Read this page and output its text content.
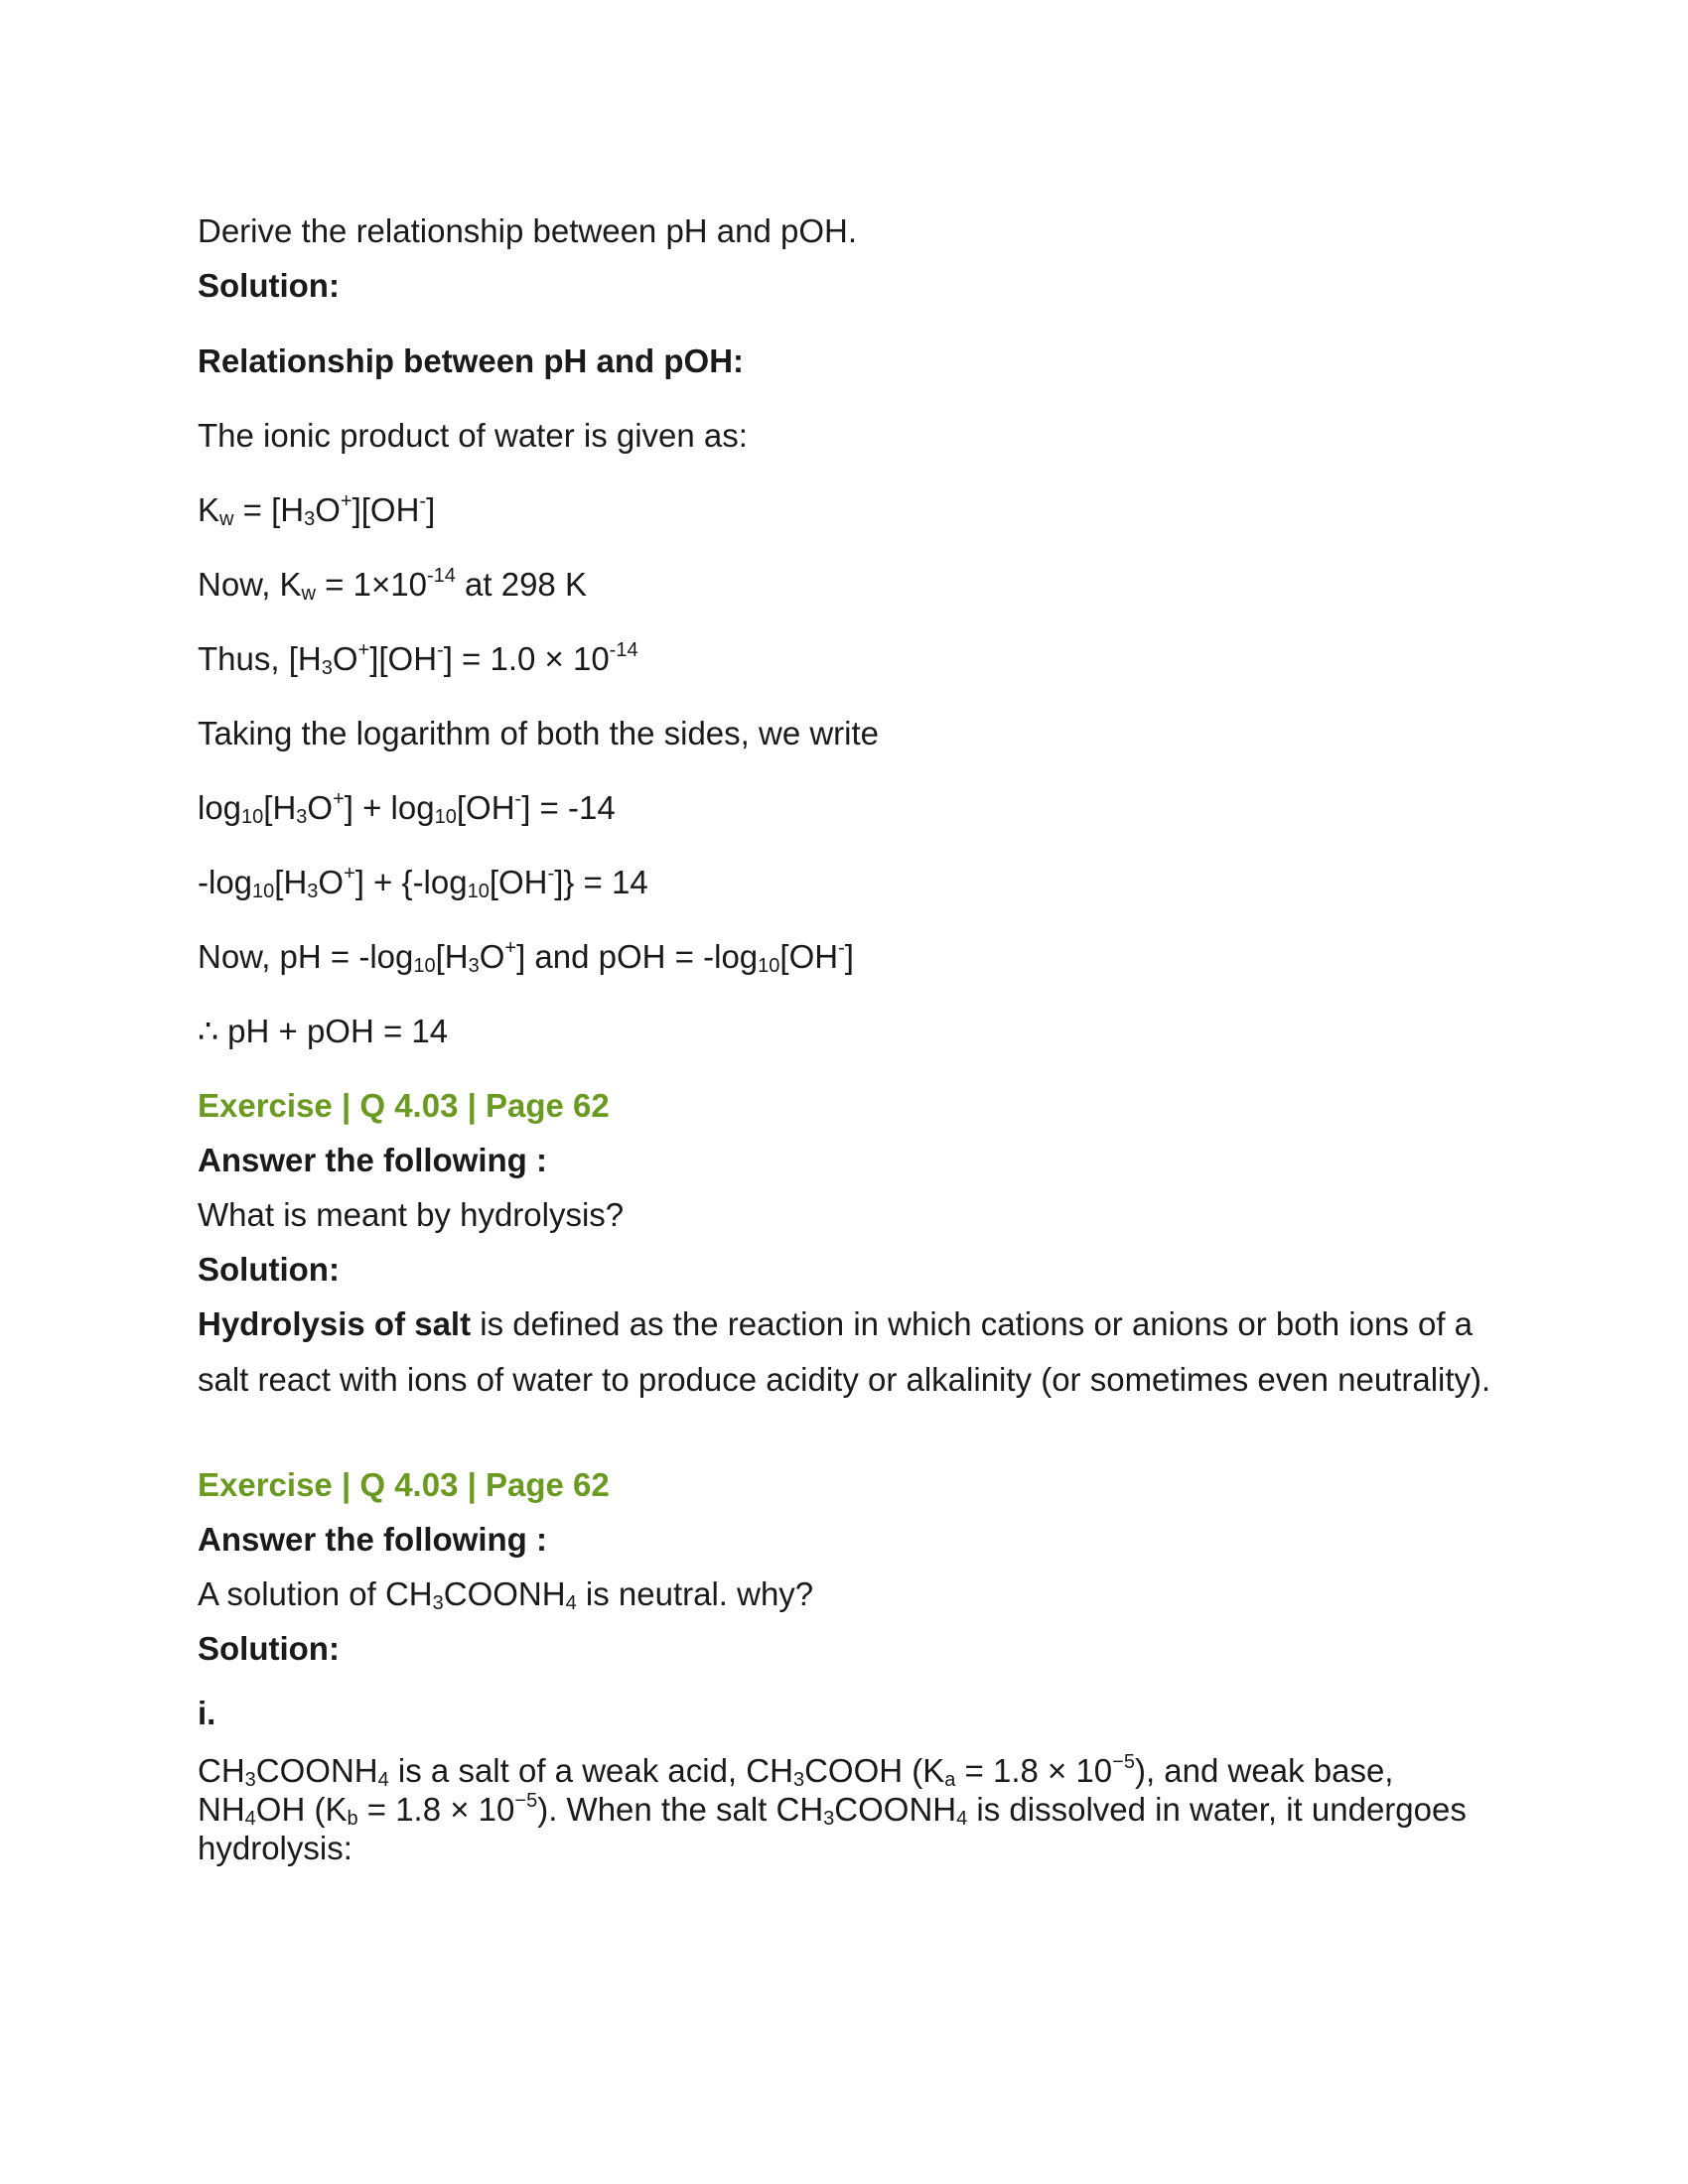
Derive the relationship between pH and pOH.

Solution:

Relationship between pH and pOH:

The ionic product of water is given as:

$K_w = [H_3O^+][OH^-]$

Now, $K_w = 1\times 10^{-14}$ at 298 K

Thus, $[H_3O^+][OH^-] = 1.0 \times 10^{-14}$

Taking the logarithm of both the sides, we write

$\log_{10}[H_3O^+] + \log_{10}[OH^-] = -14$

$-\log_{10}[H_3O^+] + \{-\log_{10}[OH^-]\} = 14$

Now, pH = $-\log_{10}[H_3O^+]$ and pOH = $-\log_{10}[OH^-]$

∴ pH + pOH = 14

Exercise | Q 4.03 | Page 62

Answer the following :

What is meant by hydrolysis?

Solution:

Hydrolysis of salt is defined as the reaction in which cations or anions or both ions of a salt react with ions of water to produce acidity or alkalinity (or sometimes even neutrality).

Exercise | Q 4.03 | Page 62

Answer the following :

A solution of $CH_3COONH_4$ is neutral. why?

Solution:

i.

$CH_3COONH_4$ is a salt of a weak acid, $CH_3COOH$ $(K_a = 1.8 \times 10^{-5})$, and weak base, $NH_4OH$ $(K_b = 1.8 \times 10^{-5})$. When the salt $CH_3COONH_4$ is dissolved in water, it undergoes hydrolysis:
